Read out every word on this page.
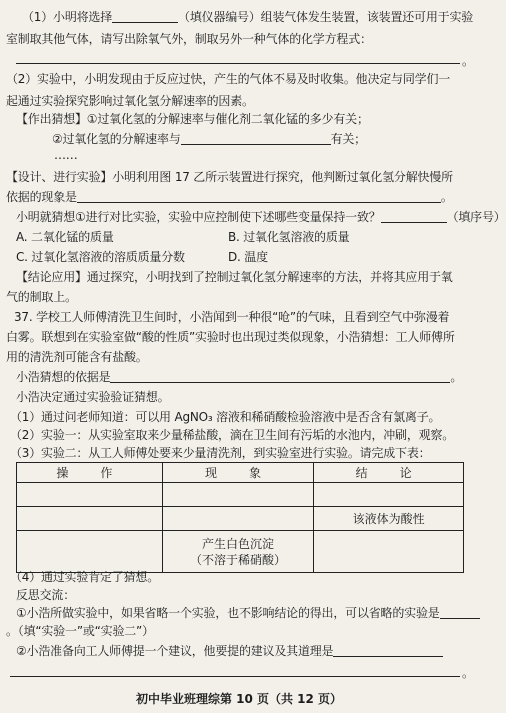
（1）小明将选择	（填仪器编号）组装气体发生装置，该装置还可用于实验
室制取其他气体，请写出除氧气外，制取另外一种气体的化学方程式：
。
（2）实验中，小明发现由于反应过快，产生的气体不易及时收集。他决定与同学们一
起通过实验探究影响过氧化氢分解速率的因素。
【作出猜想】①过氧化氢的分解速率与催化剂二氧化锰的多少有关；
②过氧化氢的分解速率与	有关；
……
【设计、进行实验】小明利用图 17 乙所示装置进行探究，他判断过氧化氢分解快慢所
依据的现象是	。
小明就猜想①进行对比实验，实验中应控制使下述哪些变量保持一致？	（填序号）
A. 二氧化锰的质量	B. 过氧化氢溶液的质量
C. 过氧化氢溶液的溶质质量分数	D. 温度
【结论应用】通过探究，小明找到了控制过氧化氢分解速率的方法，并将其应用于氧
气的制取上。
37. 学校工人师傅清洗卫生间时，小浩闻到一种很“呛”的气味，且看到空气中弥漫着
白雾。联想到在实验室做“酸的性质”实验时也出现过类似现象，小浩猜想：工人师傅所
用的清洗剂可能含有盐酸。
小浩猜想的依据是	。
小浩决定通过实验验证猜想。
（1）通过问老师知道：可以用 AgNO₃ 溶液和稀硝酸检验溶液中是否含有氯离子。
（2）实验一：从实验室取来少量稀盐酸，滴在卫生间有污垢的水池内，冲刷，观察。
（3）实验二：从工人师傅处要来少量清洗剂，到实验室进行实验。请完成下表：
操　作	现　象	结　论

		该液体为酸性

	产生白色沉淀
（不溶于稀硝酸）	

（4）通过实验肯定了猜想。
反思交流：
①小浩所做实验中，如果省略一个实验，也不影响结论的得出，可以省略的实验是
。（填“实验一”或“实验二”）
②小浩准备向工人师傅提一个建议，他要提的建议及其道理是
。
初中毕业班理综第 10 页（共 12 页）
